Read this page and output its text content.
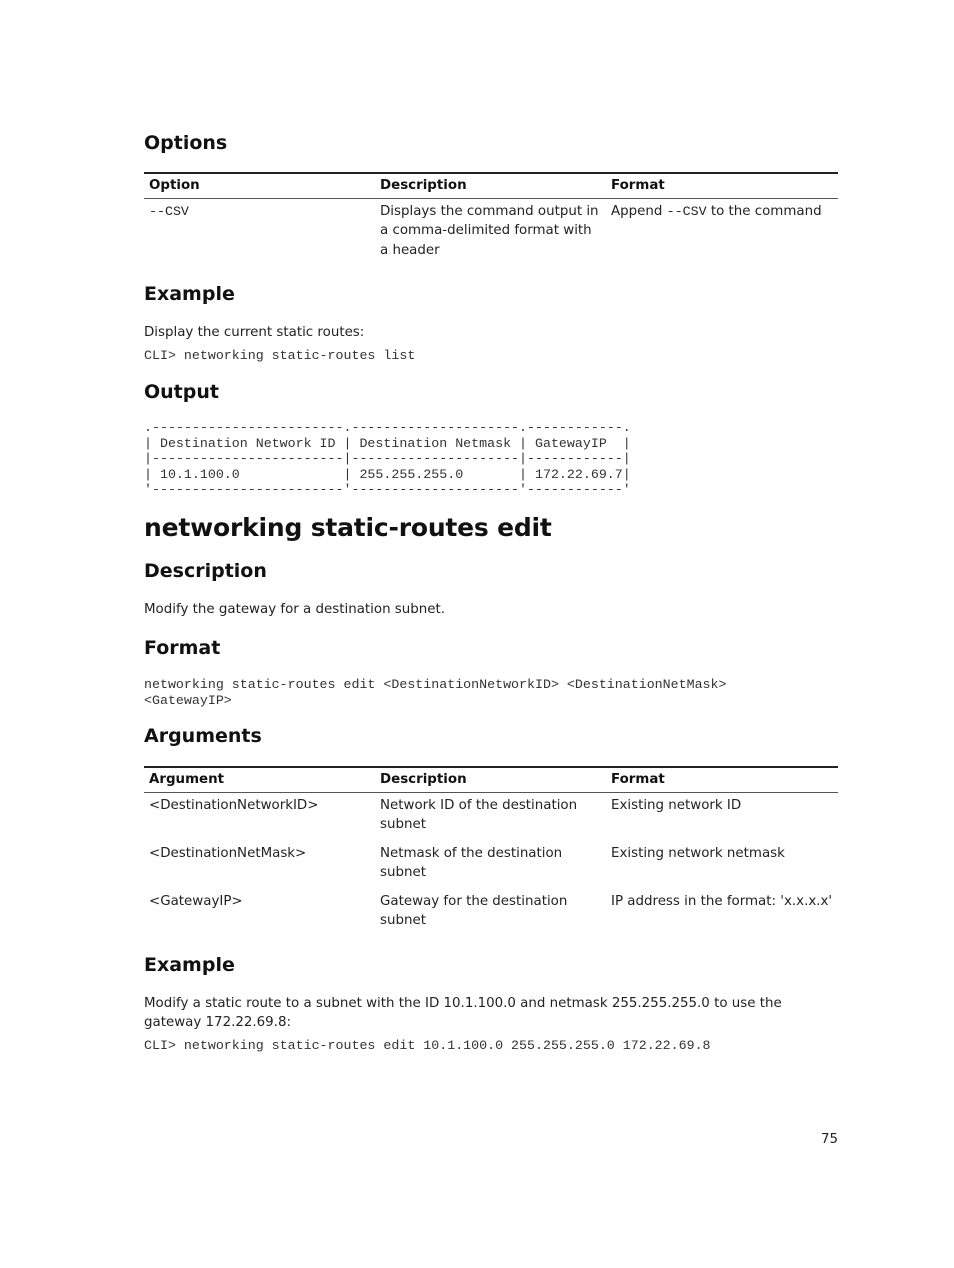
Options
Option	Description	Format
--CSV	Displays the command output in a comma-delimited format with a header	Append --CSV to the command
Example

Display the current static routes:

CLI> networking static-routes list
Output
.------------------------.---------------------.------------.
| Destination Network ID | Destination Netmask | GatewayIP  |
|------------------------|---------------------|------------|
| 10.1.100.0             | 255.255.255.0       | 172.22.69.7|
'------------------------'---------------------'------------'
networking static-routes edit
Description

Modify the gateway for a destination subnet.

Format
networking static-routes edit <DestinationNetworkID> <DestinationNetMask>
<GatewayIP>
Arguments
Argument	Description	Format
<DestinationNetworkID>	Network ID of the destination subnet	Existing network ID
<DestinationNetMask>	Netmask of the destination subnet	Existing network netmask
<GatewayIP>	Gateway for the destination subnet	IP address in the format: 'x.x.x.x'
Example

Modify a static route to a subnet with the ID 10.1.100.0 and netmask 255.255.255.0 to use the gateway 172.22.69.8:

CLI> networking static-routes edit 10.1.100.0 255.255.255.0 172.22.69.8
75
